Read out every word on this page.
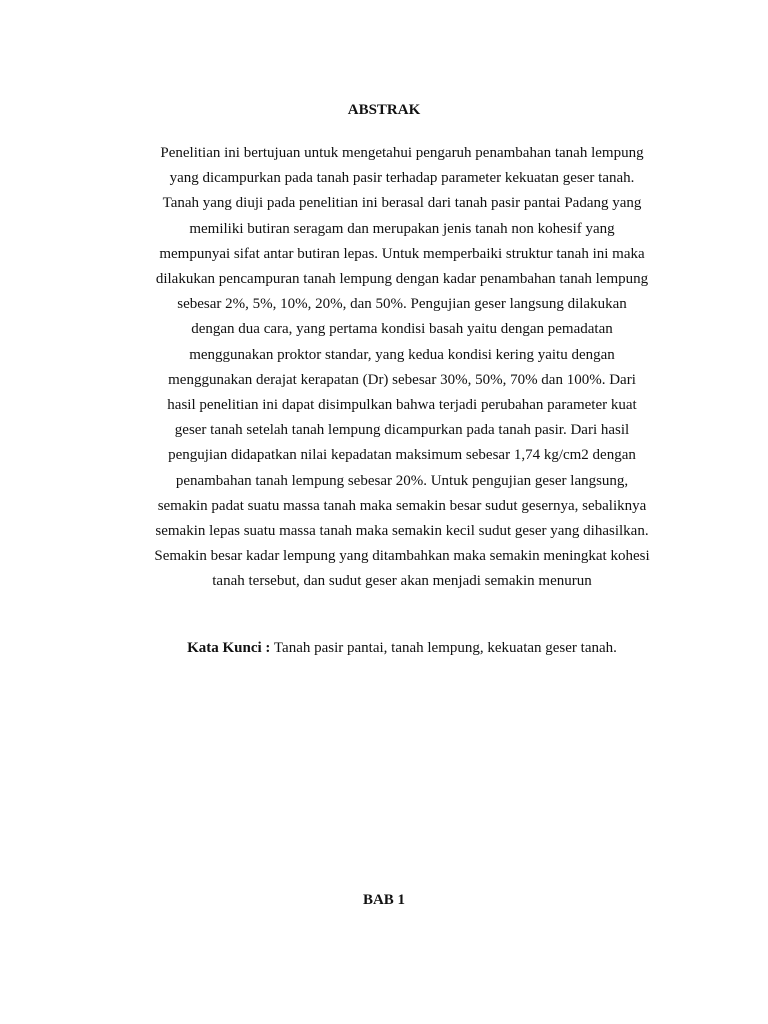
ABSTRAK
Penelitian ini bertujuan untuk mengetahui pengaruh penambahan tanah lempung
yang dicampurkan pada tanah pasir terhadap parameter kekuatan geser tanah.
Tanah yang diuji pada penelitian ini berasal dari tanah pasir pantai Padang yang
memiliki butiran seragam dan merupakan jenis tanah non kohesif yang
mempunyai sifat antar butiran lepas. Untuk memperbaiki struktur tanah ini maka
dilakukan pencampuran tanah lempung dengan kadar penambahan tanah lempung
sebesar 2%, 5%, 10%, 20%, dan 50%. Pengujian geser langsung dilakukan
dengan dua cara, yang pertama kondisi basah yaitu dengan pemadatan
menggunakan proktor standar, yang kedua kondisi kering yaitu dengan
menggunakan derajat kerapatan (Dr) sebesar 30%, 50%, 70% dan 100%. Dari
hasil penelitian ini dapat disimpulkan bahwa terjadi perubahan parameter kuat
geser tanah setelah tanah lempung dicampurkan pada tanah pasir. Dari hasil
pengujian didapatkan nilai kepadatan maksimum sebesar 1,74 kg/cm2 dengan
penambahan tanah lempung sebesar 20%. Untuk pengujian geser langsung,
semakin padat suatu massa tanah maka semakin besar sudut gesernya, sebaliknya
semakin lepas suatu massa tanah maka semakin kecil sudut geser yang dihasilkan.
Semakin besar kadar lempung yang ditambahkan maka semakin meningkat kohesi
tanah tersebut, dan sudut geser akan menjadi semakin menurun

Kata Kunci : Tanah pasir pantai, tanah lempung, kekuatan geser tanah.

BAB 1
